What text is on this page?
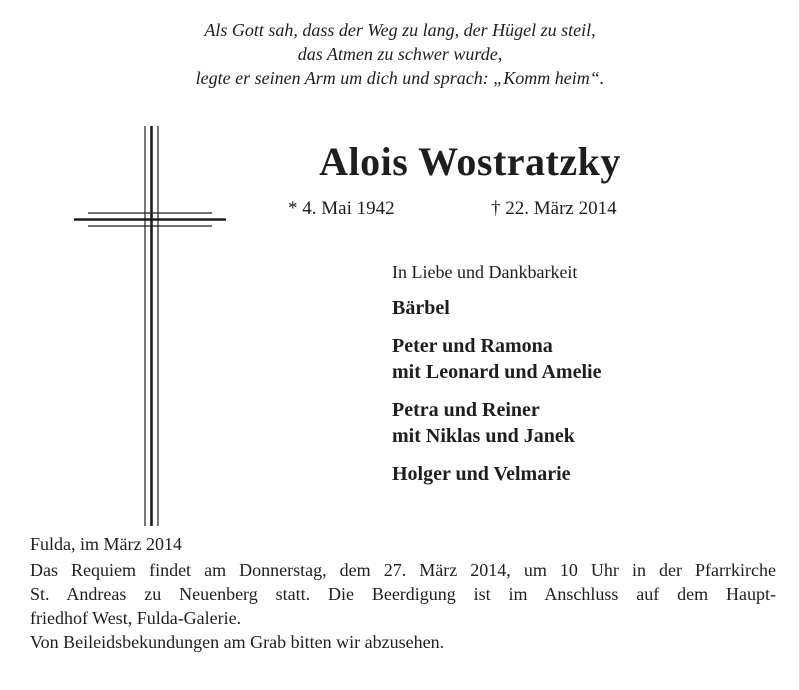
Als Gott sah, dass der Weg zu lang, der Hügel zu steil,
das Atmen zu schwer wurde,
legte er seinen Arm um dich und sprach: „Komm heim“.
Alois Wostratzky
* 4. Mai 1942	† 22. März 2014
In Liebe und Dankbarkeit
Bärbel
Peter und Ramona
mit Leonard und Amelie
Petra und Reiner
mit Niklas und Janek
Holger und Velmarie
Fulda, im März 2014
Das Requiem findet am Donnerstag, dem 27. März 2014, um 10 Uhr in der Pfarrkirche
St. Andreas zu Neuenberg statt. Die Beerdigung ist im Anschluss auf dem Haupt-
friedhof West, Fulda-Galerie.
Von Beileidsbekundungen am Grab bitten wir abzusehen.
